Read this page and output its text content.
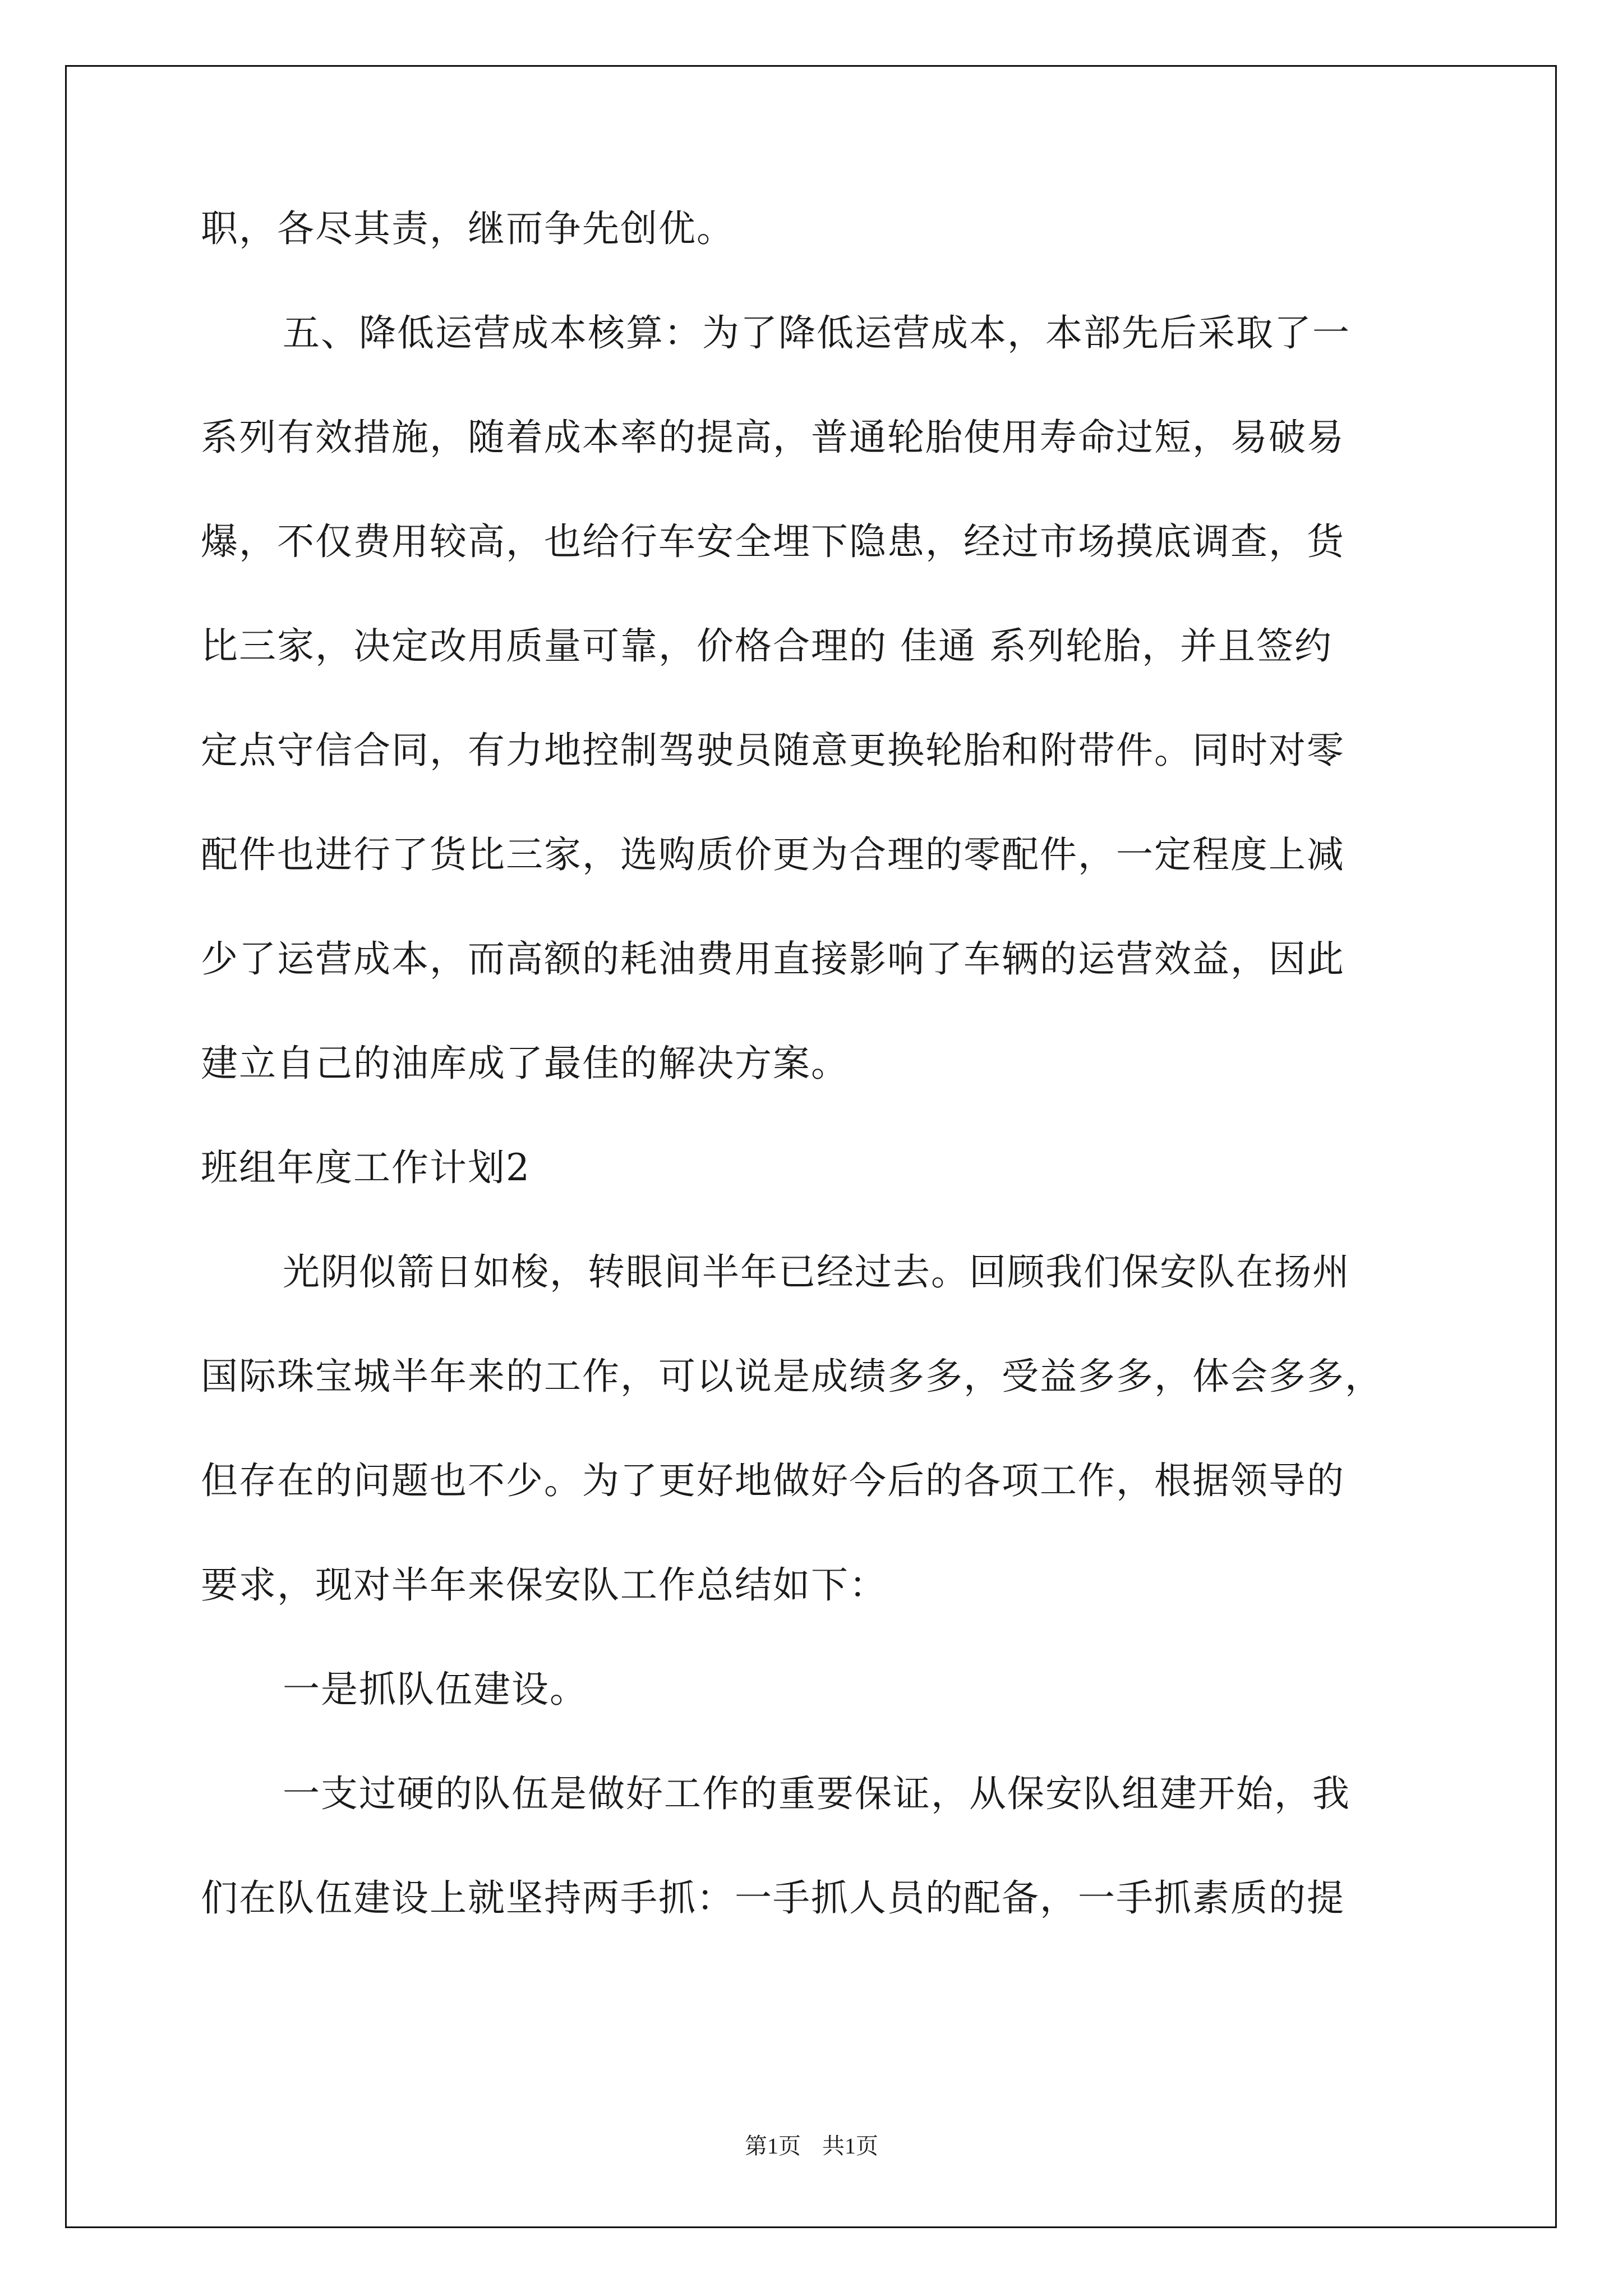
职，各尽其责，继而争先创优。
五、降低运营成本核算：为了降低运营成本，本部先后采取了一
系列有效措施，随着成本率的提高，普通轮胎使用寿命过短，易破易
爆，不仅费用较高，也给行车安全埋下隐患，经过市场摸底调查，货
比三家，决定改用质量可靠，价格合理的 佳通 系列轮胎，并且签约
定点守信合同，有力地控制驾驶员随意更换轮胎和附带件。同时对零
配件也进行了货比三家，选购质价更为合理的零配件，一定程度上减
少了运营成本，而高额的耗油费用直接影响了车辆的运营效益，因此
建立自己的油库成了最佳的解决方案。
班组年度工作计划2
光阴似箭日如梭，转眼间半年已经过去。回顾我们保安队在扬州
国际珠宝城半年来的工作，可以说是成绩多多，受益多多，体会多多，
但存在的问题也不少。为了更好地做好今后的各项工作，根据领导的
要求，现对半年来保安队工作总结如下：
一是抓队伍建设。
一支过硬的队伍是做好工作的重要保证，从保安队组建开始，我
们在队伍建设上就坚持两手抓：一手抓人员的配备，一手抓素质的提
第1页 共1页
